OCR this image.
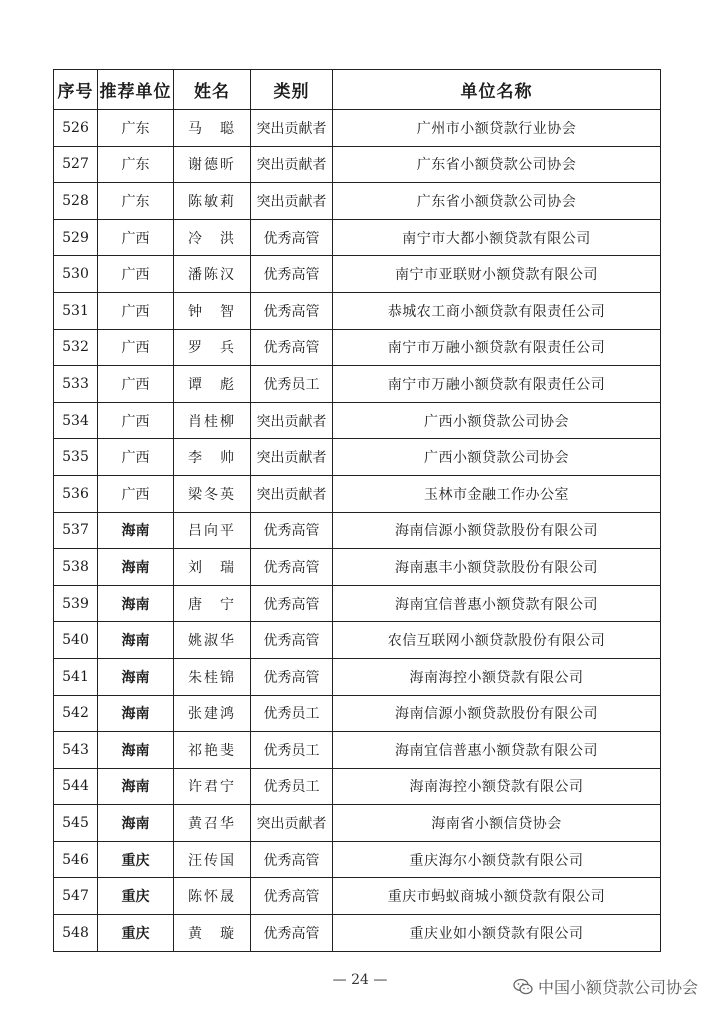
序号	推荐单位	姓名	类别	单位名称
526	广东	马　聪	突出贡献者	广州市小额贷款行业协会
527	广东	谢德昕	突出贡献者	广东省小额贷款公司协会
528	广东	陈敏莉	突出贡献者	广东省小额贷款公司协会
529	广西	冷　洪	优秀高管	南宁市大都小额贷款有限公司
530	广西	潘陈汉	优秀高管	南宁市亚联财小额贷款有限公司
531	广西	钟　智	优秀高管	恭城农工商小额贷款有限责任公司
532	广西	罗　兵	优秀高管	南宁市万融小额贷款有限责任公司
533	广西	谭　彪	优秀员工	南宁市万融小额贷款有限责任公司
534	广西	肖桂柳	突出贡献者	广西小额贷款公司协会
535	广西	李　帅	突出贡献者	广西小额贷款公司协会
536	广西	梁冬英	突出贡献者	玉林市金融工作办公室
537	海南	吕向平	优秀高管	海南信源小额贷款股份有限公司
538	海南	刘　瑞	优秀高管	海南惠丰小额贷款股份有限公司
539	海南	唐　宁	优秀高管	海南宜信普惠小额贷款有限公司
540	海南	姚淑华	优秀高管	农信互联网小额贷款股份有限公司
541	海南	朱桂锦	优秀高管	海南海控小额贷款有限公司
542	海南	张建鸿	优秀员工	海南信源小额贷款股份有限公司
543	海南	祁艳斐	优秀员工	海南宜信普惠小额贷款有限公司
544	海南	许君宁	优秀员工	海南海控小额贷款有限公司
545	海南	黄召华	突出贡献者	海南省小额信贷协会
546	重庆	汪传国	优秀高管	重庆海尔小额贷款有限公司
547	重庆	陈怀晟	优秀高管	重庆市蚂蚁商城小额贷款有限公司
548	重庆	黄　璇	优秀高管	重庆业如小额贷款有限公司
— 24 —	中国小额贷款公司协会
